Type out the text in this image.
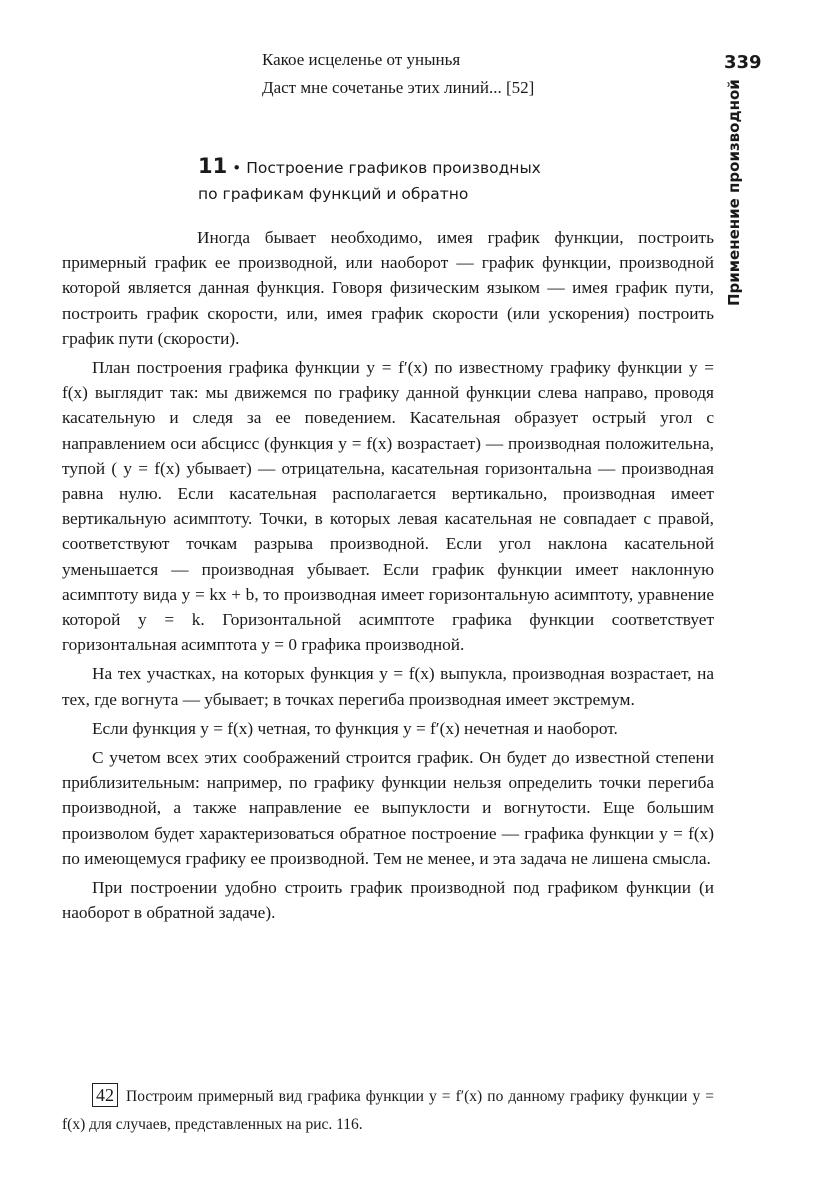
Какое исцеленье от унынья
Даст мне сочетанье этих линий... [52]
339
Применение производной
11 • Построение графиков производных
по графикам функций и обратно

Иногда бывает необходимо, имея график функции, построить примерный график ее производной, или наоборот — график функции, производной которой является данная функция. Говоря физическим языком — имея график пути, построить график скорости, или, имея график скорости (или ускорения) построить график пути (скорости).

План построения графика функции y = f′(x) по известному графику функции y = f(x) выглядит так: мы движемся по графику данной функции слева направо, проводя касательную и следя за ее поведением. Касательная образует острый угол с направлением оси абсцисс (функция y = f(x) возрастает) — производная положительна, тупой ( y = f(x) убывает) — отрицательна, касательная горизонтальна — производная равна нулю. Если касательная располагается вертикально, производная имеет вертикальную асимптоту. Точки, в которых левая касательная не совпадает с правой, соответствуют точкам разрыва производной. Если угол наклона касательной уменьшается — производная убывает. Если график функции имеет наклонную асимптоту вида y = kx + b, то производная имеет горизонтальную асимптоту, уравнение которой y = k. Горизонтальной асимптоте графика функции соответствует горизонтальная асимптота y = 0 графика производной.

На тех участках, на которых функция y = f(x) выпукла, производная возрастает, на тех, где вогнута — убывает; в точках перегиба производная имеет экстремум.

Если функция y = f(x) четная, то функция y = f′(x) нечетная и наоборот.

С учетом всех этих соображений строится график. Он будет до известной степени приблизительным: например, по графику функции нельзя определить точки перегиба производной, а также направление ее выпуклости и вогнутости. Еще большим произволом будет характеризоваться обратное построение — графика функции y = f(x) по имеющемуся графику ее производной. Тем не менее, и эта задача не лишена смысла.

При построении удобно строить график производной под графиком функции (и наоборот в обратной задаче).

42 Построим примерный вид графика функции y = f′(x) по данному графику функции y = f(x) для случаев, представленных на рис. 116.
